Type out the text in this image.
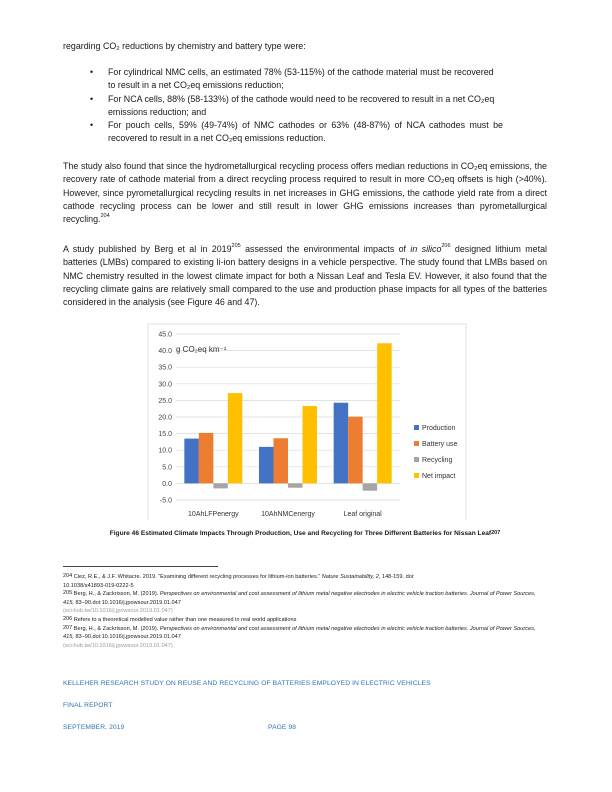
regarding CO₂ reductions by chemistry and battery type were:

• For cylindrical NMC cells, an estimated 78% (53-115%) of the cathode material must be recovered to result in a net CO₂eq emissions reduction;
• For NCA cells, 88% (58-133%) of the cathode would need to be recovered to result in a net CO₂eq emissions reduction; and
• For pouch cells, 59% (49-74%) of NMC cathodes or 63% (48-87%) of NCA cathodes must be recovered to result in a net CO₂eq emissions reduction.

The study also found that since the hydrometallurgical recycling process offers median reductions in CO₂eq emissions, the recovery rate of cathode material from a direct recycling process required to result in more CO₂eq offsets is high (>40%). However, since pyrometallurgical recycling results in net increases in GHG emissions, the cathode yield rate from a direct cathode recycling process can be lower and still result in lower GHG emissions increases than pyrometallurgical recycling.$^{204}$

A study published by Berg et al in 2019$^{205}$ assessed the environmental impacts of in silico$^{206}$ designed lithium metal batteries (LMBs) compared to existing li-ion battery designs in a vehicle perspective. The study found that LMBs based on NMC chemistry resulted in the lowest climate impact for both a Nissan Leaf and Tesla EV. However, it also found that the recycling climate gains are relatively small compared to the use and production phase impacts for all types of the batteries considered in the analysis (see Figure 46 and 47).

-5.0
0.0
5.0
10.0
15.0
20.0
25.0
30.0
35.0
40.0
45.0
10AhLFPenergy	10AhNMCenergy	Leaf original
g CO₂eq km⁻¹
Production
Battery use
Recycling
Net impact
Figure 46 Estimated Climate Impacts Through Production, Use and Recycling for Three Different Batteries for Nissan Leaf$^{207}$
$^{204}$ Ciez, R.E., & J.F. Whitacre. 2019. “Examining different recycling processes for lithium-ion batteries.” Nature Sustainability, 2, 148-159. doi:
10.1038/s41893-019-0222-5
$^{205}$ Berg, H., & Zackrisson, M. (2019). Perspectives on environmental and cost assessment of lithium metal negative electrodes in electric vehicle traction batteries. Journal of Power Sources, 415, 83–90.doi:10.1016/j.jpowsour.2019.01.047
(sci-hub.tw/10.1016/j.jpowsour.2019.01.047)
$^{206}$ Refers to a theoretical modelled value rather than one measured in real world applications
$^{207}$ Berg, H., & Zackrisson, M. (2019). Perspectives on environmental and cost assessment of lithium metal negative electrodes in electric vehicle traction batteries. Journal of Power Sources, 415, 83–90.doi:10.1016/j.jpowsour.2019.01.047
(sci-hub.tw/10.1016/j.jpowsour.2019.01.047)
KELLEHER RESEARCH STUDY ON REUSE AND RECYCLING OF BATTERIES EMPLOYED IN ELECTRIC VEHICLES
FINAL REPORT
SEPTEMBER, 2019	PAGE 98
